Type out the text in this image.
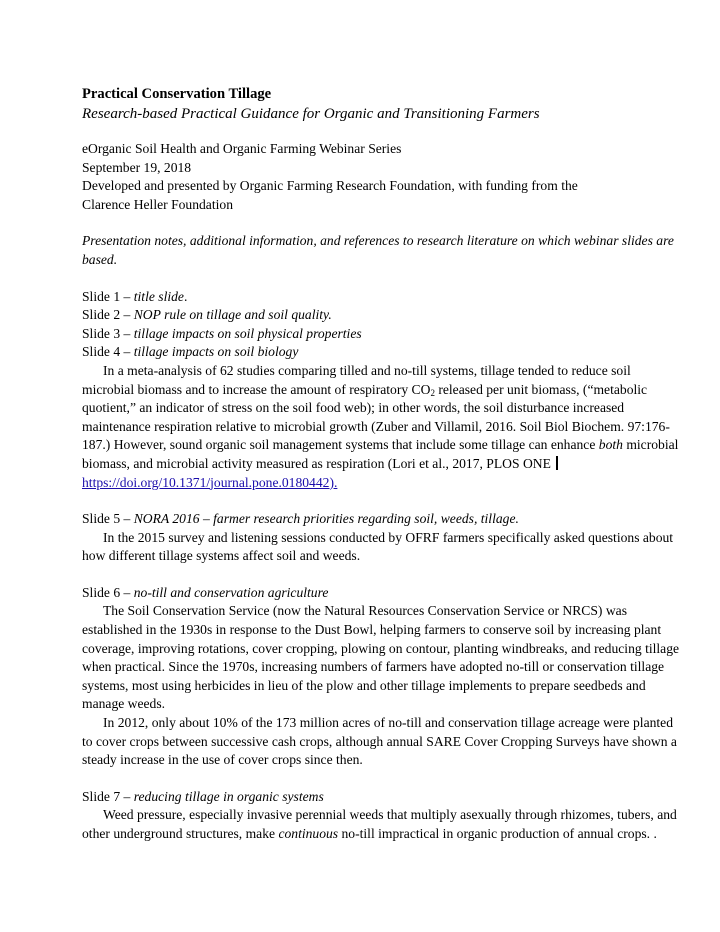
Practical Conservation Tillage

Research-based Practical Guidance for Organic and Transitioning Farmers

eOrganic Soil Health and Organic Farming Webinar Series

September 19, 2018

Developed and presented by Organic Farming Research Foundation, with funding from the

Clarence Heller Foundation

Presentation notes, additional information, and references to research literature on which webinar slides are based.

Slide 1 – title slide.

Slide 2 – NOP rule on tillage and soil quality.

Slide 3 – tillage impacts on soil physical properties

Slide 4 – tillage impacts on soil biology

In a meta-analysis of 62 studies comparing tilled and no-till systems, tillage tended to reduce soil microbial biomass and to increase the amount of respiratory $CO_2$ released per unit biomass, (“metabolic quotient,” an indicator of stress on the soil food web); in other words, the soil disturbance increased maintenance respiration relative to microbial growth (Zuber and Villamil, 2016. Soil Biol Biochem. 97:176-187.) However, sound organic soil management systems that include some tillage can enhance both microbial biomass, and microbial activity measured as respiration (Lori et al., 2017, PLOS ONE  https://doi.org/10.1371/journal.pone.0180442).

Slide 5 – NORA 2016 – farmer research priorities regarding soil, weeds, tillage.

In the 2015 survey and listening sessions conducted by OFRF farmers specifically asked questions about how different tillage systems affect soil and weeds.

Slide 6 – no-till and conservation agriculture

The Soil Conservation Service (now the Natural Resources Conservation Service or NRCS) was established in the 1930s in response to the Dust Bowl, helping farmers to conserve soil by increasing plant coverage, improving rotations, cover cropping, plowing on contour, planting windbreaks, and reducing tillage when practical. Since the 1970s, increasing numbers of farmers have adopted no-till or conservation tillage systems, most using herbicides in lieu of the plow and other tillage implements to prepare seedbeds and manage weeds.

In 2012, only about 10% of the 173 million acres of no-till and conservation tillage acreage were planted to cover crops between successive cash crops, although annual SARE Cover Cropping Surveys have shown a steady increase in the use of cover crops since then.

Slide 7 – reducing tillage in organic systems

Weed pressure, especially invasive perennial weeds that multiply asexually through rhizomes, tubers, and other underground structures, make continuous no-till impractical in organic production of annual crops. .
